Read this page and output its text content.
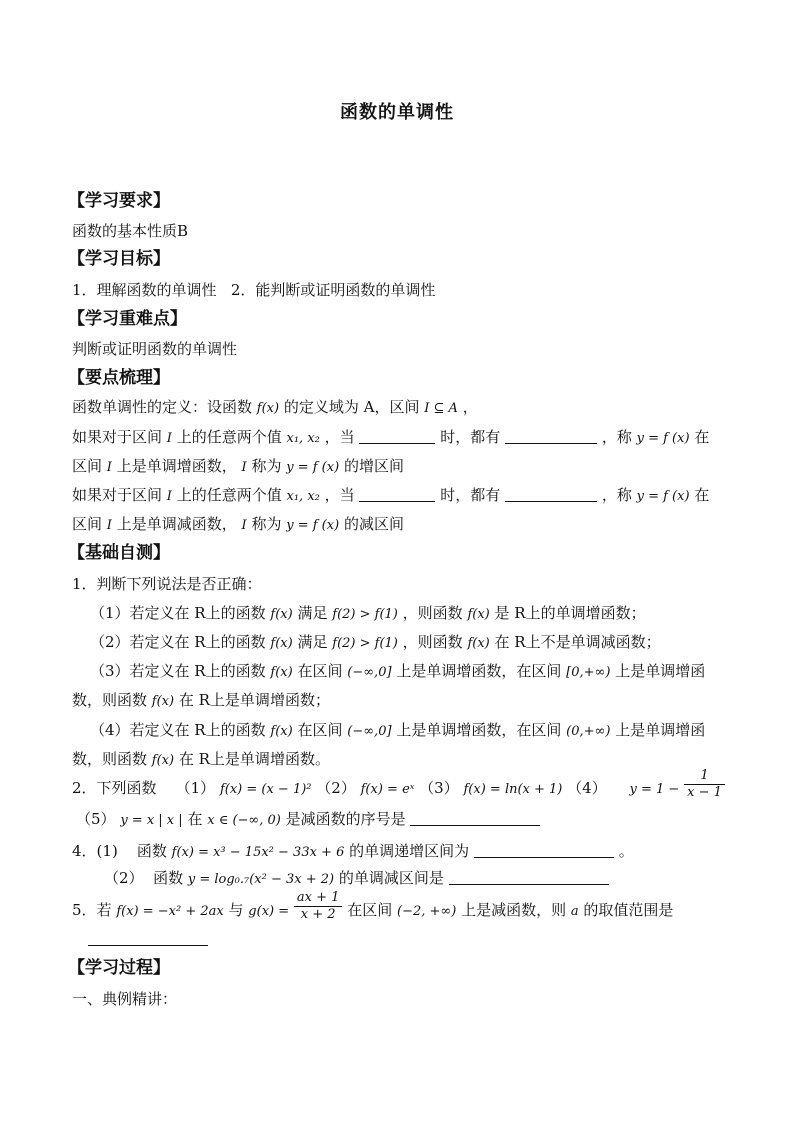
函数的单调性
【学习要求】
函数的基本性质B
【学习目标】
1．理解函数的单调性   2．能判断或证明函数的单调性
【学习重难点】
判断或证明函数的单调性
【要点梳理】
函数单调性的定义：设函数 f(x) 的定义域为 A，区间 I ⊆ A ，
如果对于区间 I 上的任意两个值 x₁, x₂ ，当	时，都有	，称 y = f (x) 在
区间 I 上是单调增函数， I 称为 y = f (x) 的增区间
如果对于区间 I 上的任意两个值 x₁, x₂ ，当	时，都有	，称 y = f (x) 在
区间 I 上是单调减函数， I 称为 y = f (x) 的减区间
【基础自测】
1．判断下列说法是否正确：
（1）若定义在 R上的函数 f(x) 满足 f(2) > f(1) ，则函数 f(x) 是 R上的单调增函数；
（2）若定义在 R上的函数 f(x) 满足 f(2) > f(1) ，则函数 f(x) 在 R上不是单调减函数；
（3）若定义在 R上的函数 f(x) 在区间 (−∞,0] 上是单调增函数，在区间 [0,+∞) 上是单调增函
数，则函数 f(x) 在 R上是单调增函数；
（4）若定义在 R上的函数 f(x) 在区间 (−∞,0] 上是单调增函数，在区间 (0,+∞) 上是单调增函
数，则函数 f(x) 在 R上是单调增函数。
2．下列函数    （1） f(x) = (x − 1)² （2） f(x) = eˣ （3） f(x) = ln(x + 1) （4） $y = 1 - \frac{1}{x - 1}$
（5） y = x | x | 在 x ∈ (−∞, 0) 是减函数的序号是
4．(1)    函数 f(x) = x³ − 15x² − 33x + 6 的单调递增区间为	。
（2）  函数 y = log₀.₇(x² − 3x + 2) 的单调减区间是
5．若 f(x) = −x² + 2ax 与 $g(x) = \frac{ax + 1}{x + 2}$ 在区间 (−2, +∞) 上是减函数，则 a 的取值范围是
【学习过程】
一、典例精讲：
